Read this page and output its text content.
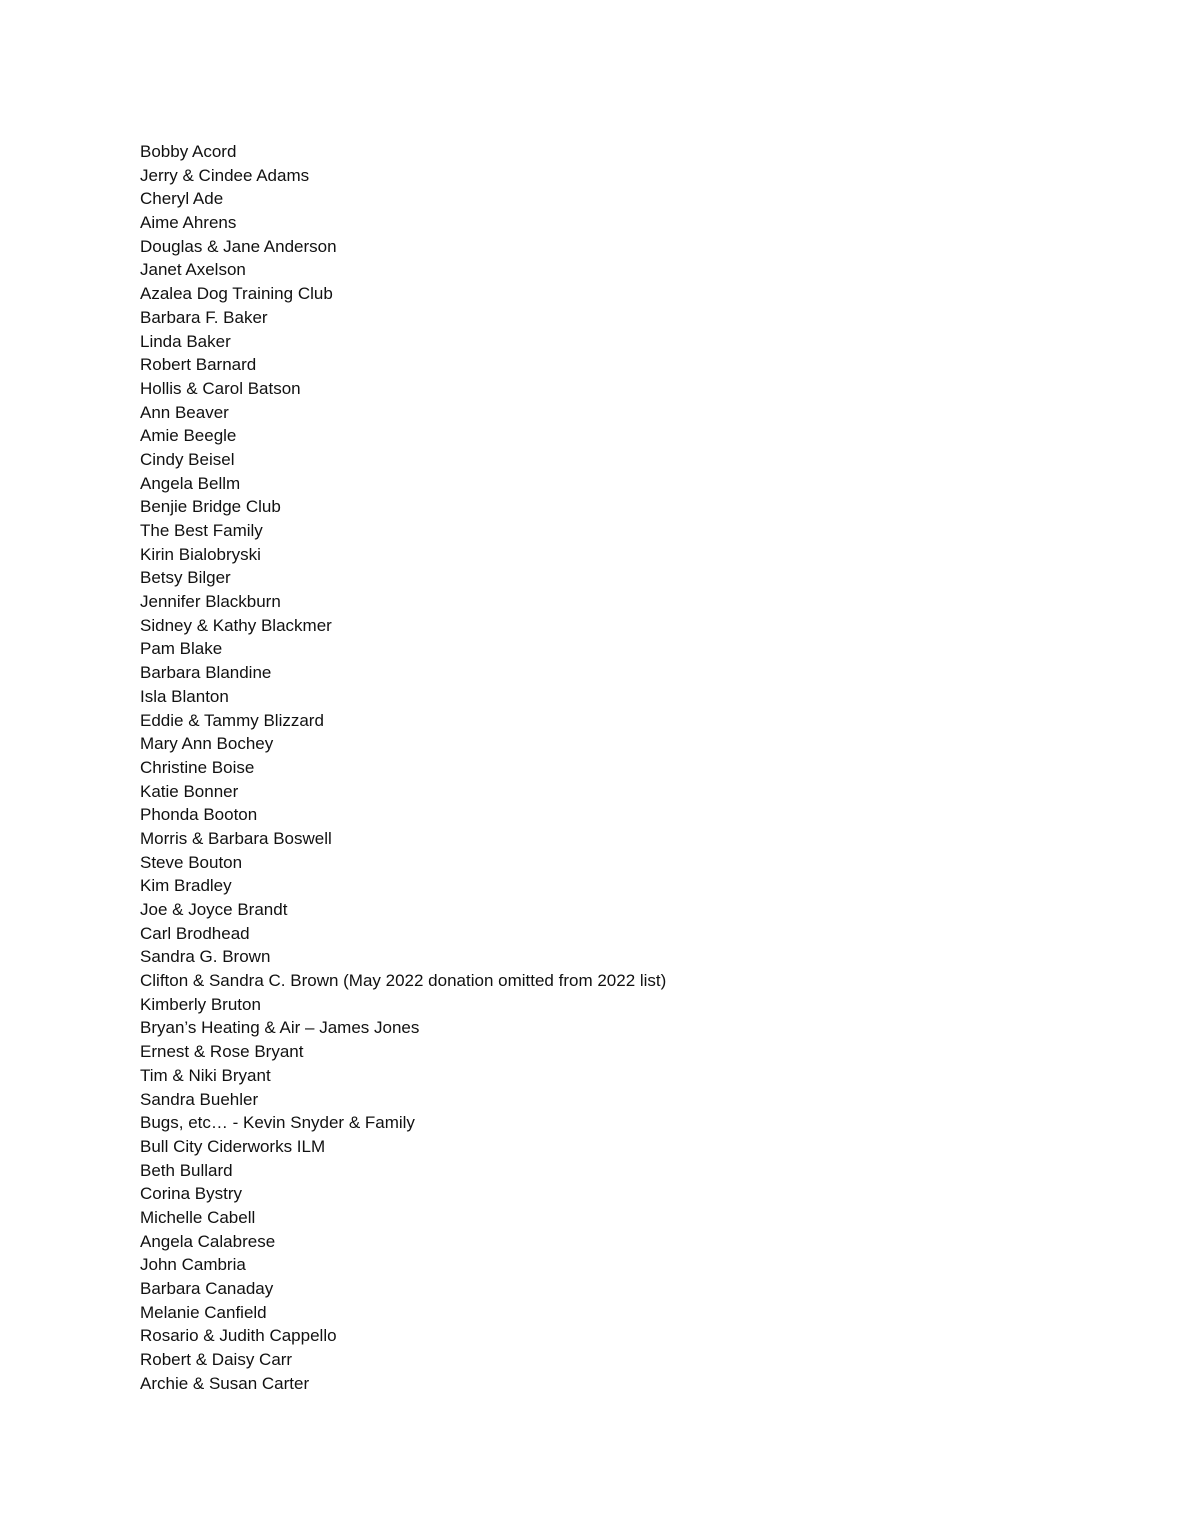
Bobby Acord
Jerry & Cindee Adams
Cheryl Ade
Aime Ahrens
Douglas & Jane Anderson
Janet Axelson
Azalea Dog Training Club
Barbara F. Baker
Linda Baker
Robert Barnard
Hollis & Carol Batson
Ann Beaver
Amie Beegle
Cindy Beisel
Angela Bellm
Benjie Bridge Club
The Best Family
Kirin Bialobryski
Betsy Bilger
Jennifer Blackburn
Sidney & Kathy Blackmer
Pam Blake
Barbara Blandine
Isla Blanton
Eddie & Tammy Blizzard
Mary Ann Bochey
Christine Boise
Katie Bonner
Phonda Booton
Morris & Barbara Boswell
Steve Bouton
Kim Bradley
Joe & Joyce Brandt
Carl Brodhead
Sandra G. Brown
Clifton & Sandra C. Brown (May 2022 donation omitted from 2022 list)
Kimberly Bruton
Bryan’s Heating & Air – James Jones
Ernest & Rose Bryant
Tim & Niki Bryant
Sandra Buehler
Bugs, etc… - Kevin Snyder & Family
Bull City Ciderworks ILM
Beth Bullard
Corina Bystry
Michelle Cabell
Angela Calabrese
John Cambria
Barbara Canaday
Melanie Canfield
Rosario & Judith Cappello
Robert & Daisy Carr
Archie & Susan Carter
